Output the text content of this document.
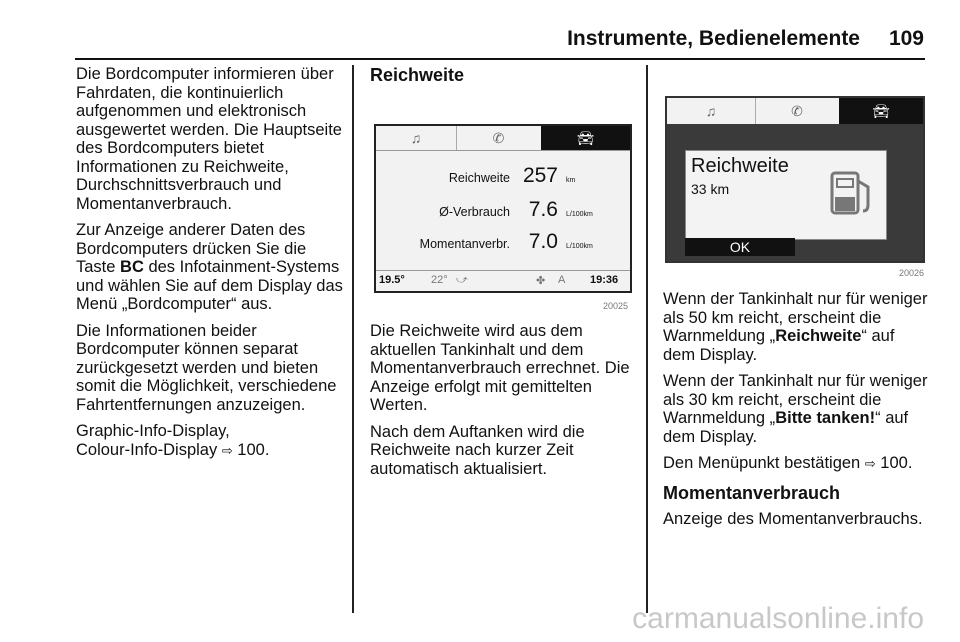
Instrumente, Bedienelemente 109

Die Bordcomputer informieren über Fahrdaten, die kontinuierlich aufgenommen und elektronisch ausgewertet werden. Die Hauptseite des Bordcomputers bietet Informationen zu Reichweite, Durchschnittsverbrauch und Momentanverbrauch.

Zur Anzeige anderer Daten des Bordcomputers drücken Sie die Taste BC des Infotainment-Systems und wählen Sie auf dem Display das Menü „Bordcomputer“ aus.

Die Informationen beider Bordcomputer können separat zurückgesetzt werden und bieten somit die Möglichkeit, verschiedene Fahrtentfernungen anzuzeigen.

Graphic-Info-Display,
Colour-Info-Display ⇨ 100.

Reichweite
♫	✆	🚘︎
Reichweite 257 km
Ø-Verbrauch 7.6 L/100km
Momentanverbr. 7.0 L/100km
19.5° 22° ⤻	✤ A 19:36
20025

Die Reichweite wird aus dem aktuellen Tankinhalt und dem Momentanverbrauch errechnet. Die Anzeige erfolgt mit gemittelten Werten.

Nach dem Auftanken wird die Reichweite nach kurzer Zeit automatisch aktualisiert.

♫	✆	🚘︎
Reichweite
33 km
OK
20026

Wenn der Tankinhalt nur für weniger als 50 km reicht, erscheint die Warnmeldung „Reichweite“ auf dem Display.

Wenn der Tankinhalt nur für weniger als 30 km reicht, erscheint die Warnmeldung „Bitte tanken!“ auf dem Display.

Den Menüpunkt bestätigen ⇨ 100.

Momentanverbrauch

Anzeige des Momentanverbrauchs.

carmanualsonline.info
